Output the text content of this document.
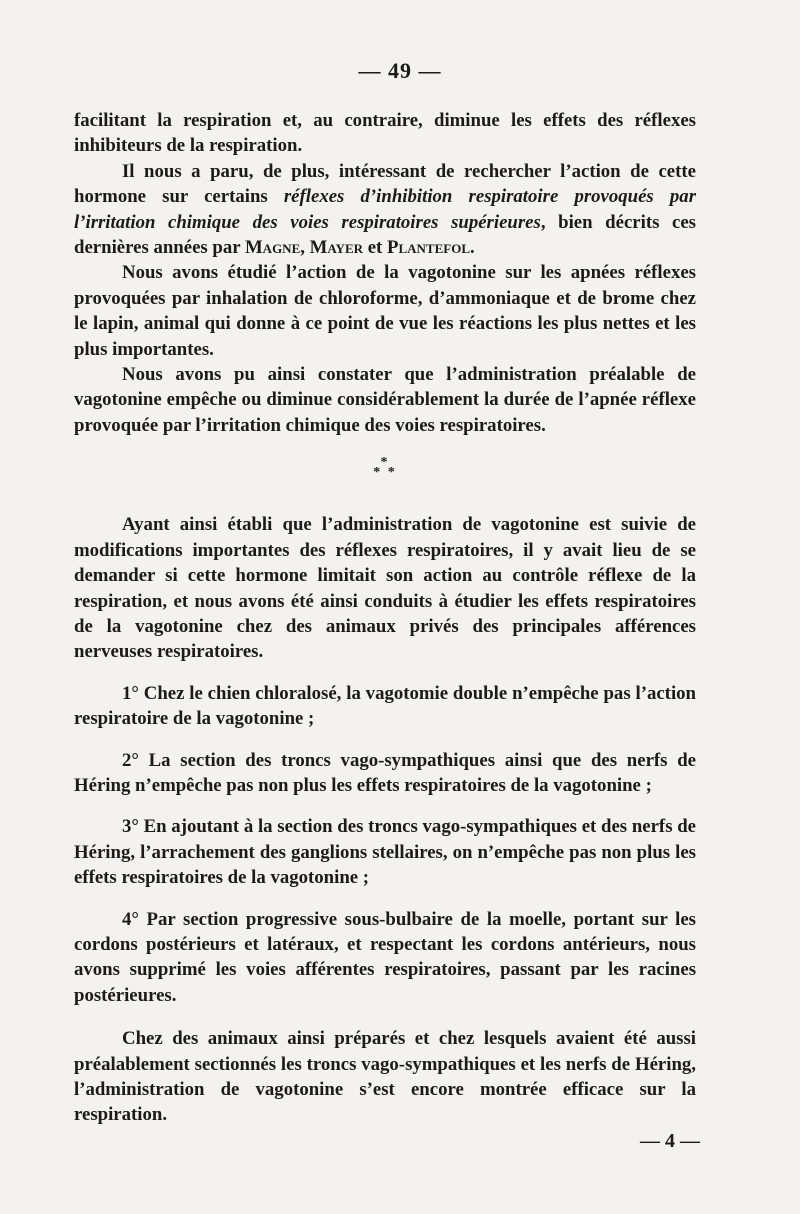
— 49 —

facilitant la respiration et, au contraire, diminue les effets des réflexes inhibiteurs de la respiration.

Il nous a paru, de plus, intéressant de rechercher l’action de cette hormone sur certains réflexes d’inhibition respiratoire provoqués par l’irritation chimique des voies respiratoires supérieures, bien décrits ces dernières années par Magne, Mayer et Plantefol.

Nous avons étudié l’action de la vagotonine sur les apnées réflexes provoquées par inhalation de chloroforme, d’ammoniaque et de brome chez le lapin, animal qui donne à ce point de vue les réactions les plus nettes et les plus importantes.

Nous avons pu ainsi constater que l’administration préalable de vagotonine empêche ou diminue considérablement la durée de l’apnée réflexe provoquée par l’irritation chimique des voies respiratoires.

*
* *

Ayant ainsi établi que l’administration de vagotonine est suivie de modifications importantes des réflexes respiratoires, il y avait lieu de se demander si cette hormone limitait son action au contrôle réflexe de la respiration, et nous avons été ainsi conduits à étudier les effets respiratoires de la vagotonine chez des animaux privés des principales afférences nerveuses respiratoires.

1° Chez le chien chloralosé, la vagotomie double n’empêche pas l’action respiratoire de la vagotonine ;

2° La section des troncs vago-sympathiques ainsi que des nerfs de Héring n’empêche pas non plus les effets respiratoires de la vagotonine ;

3° En ajoutant à la section des troncs vago-sympathiques et des nerfs de Héring, l’arrachement des ganglions stellaires, on n’empêche pas non plus les effets respiratoires de la vagotonine ;

4° Par section progressive sous-bulbaire de la moelle, portant sur les cordons postérieurs et latéraux, et respectant les cordons antérieurs, nous avons supprimé les voies afférentes respiratoires, passant par les racines postérieures.

Chez des animaux ainsi préparés et chez lesquels avaient été aussi préalablement sectionnés les troncs vago-sympathiques et les nerfs de Héring, l’administration de vagotonine s’est encore montrée efficace sur la respiration.

— 4 —
